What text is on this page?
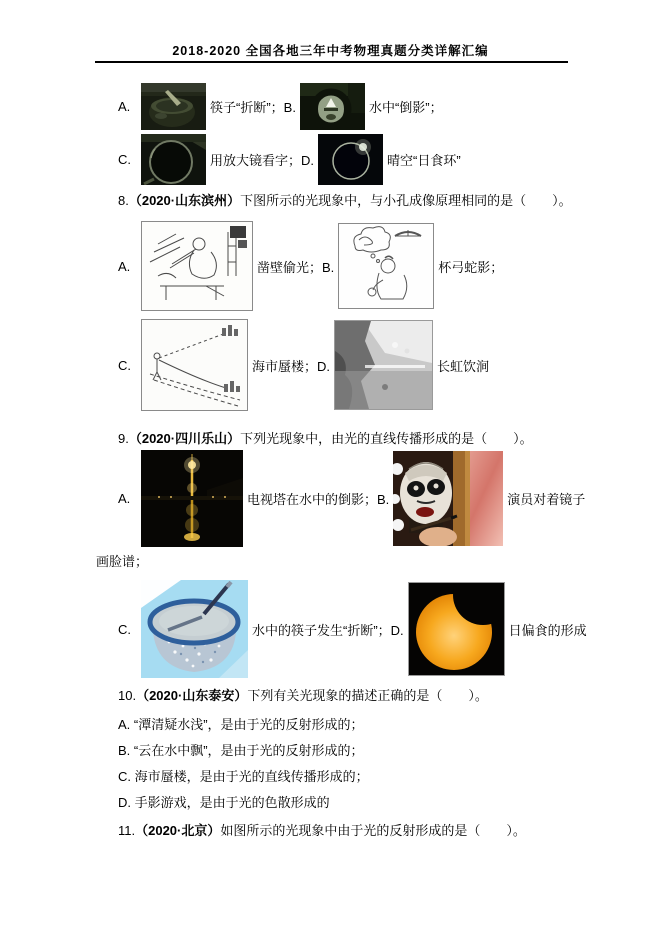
2018-2020 全国各地三年中考物理真题分类详解汇编
A.	筷子“折断”；B.	水中“倒影”；
C.	用放大镜看字；D.	晴空“日食环”
8.（2020·山东滨州）下图所示的光现象中，与小孔成像原理相同的是（　　）。
A.	凿壁偷光；B.	杯弓蛇影；
C.	海市蜃楼；D.	长虹饮涧
9.（2020·四川乐山）下列光现象中，由光的直线传播形成的是（　　）。
A.	电视塔在水中的倒影；B.	演员对着镜子
画脸谱；
C.	水中的筷子发生“折断”；D.	日偏食的形成
10.（2020·山东泰安）下列有关光现象的描述正确的是（　　）。
A. “潭清疑水浅”，是由于光的反射形成的；
B. “云在水中飘”，是由于光的反射形成的；
C. 海市蜃楼，是由于光的直线传播形成的；
D. 手影游戏，是由于光的色散形成的
11.（2020·北京）如图所示的光现象中由于光的反射形成的是（　　）。
